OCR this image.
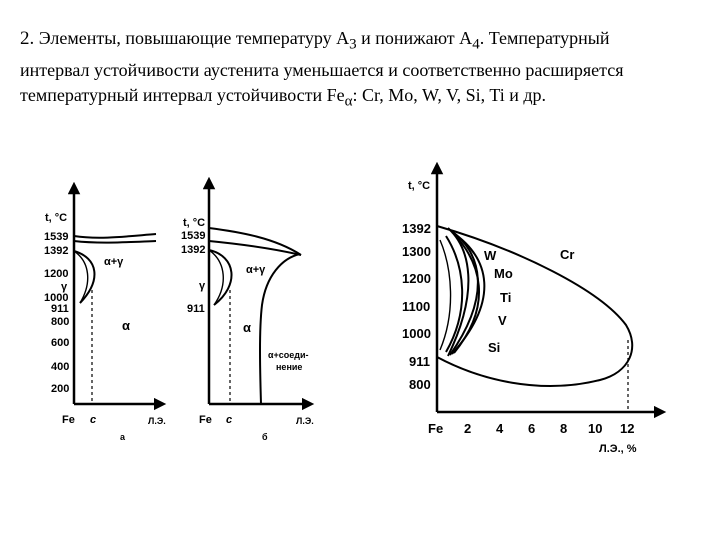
2. Элементы, повышающие температуру $А_3$ и понижают $А_4$. Температурный
интервал устойчивости аустенита уменьшается и соответственно расширяется
температурный интервал устойчивости $Fe_\alpha$: Cr, Mo, W, V, Si, Ti и др.

t, °C
1539
1392
1200
1000
911
800
600
400
200
γ
α+γ
α
Fe c	Л.Э.
а
t, °C
1539
1392
911
γ
α+γ
α
α+соеди-
нение
Fe c	Л.Э.
б
t, °C
1392
1300
1200
1100
1000
911
800
W
Mo
Ti
V
Si
Cr
Fe 2 4 6 8 10 12
Л.Э., %
